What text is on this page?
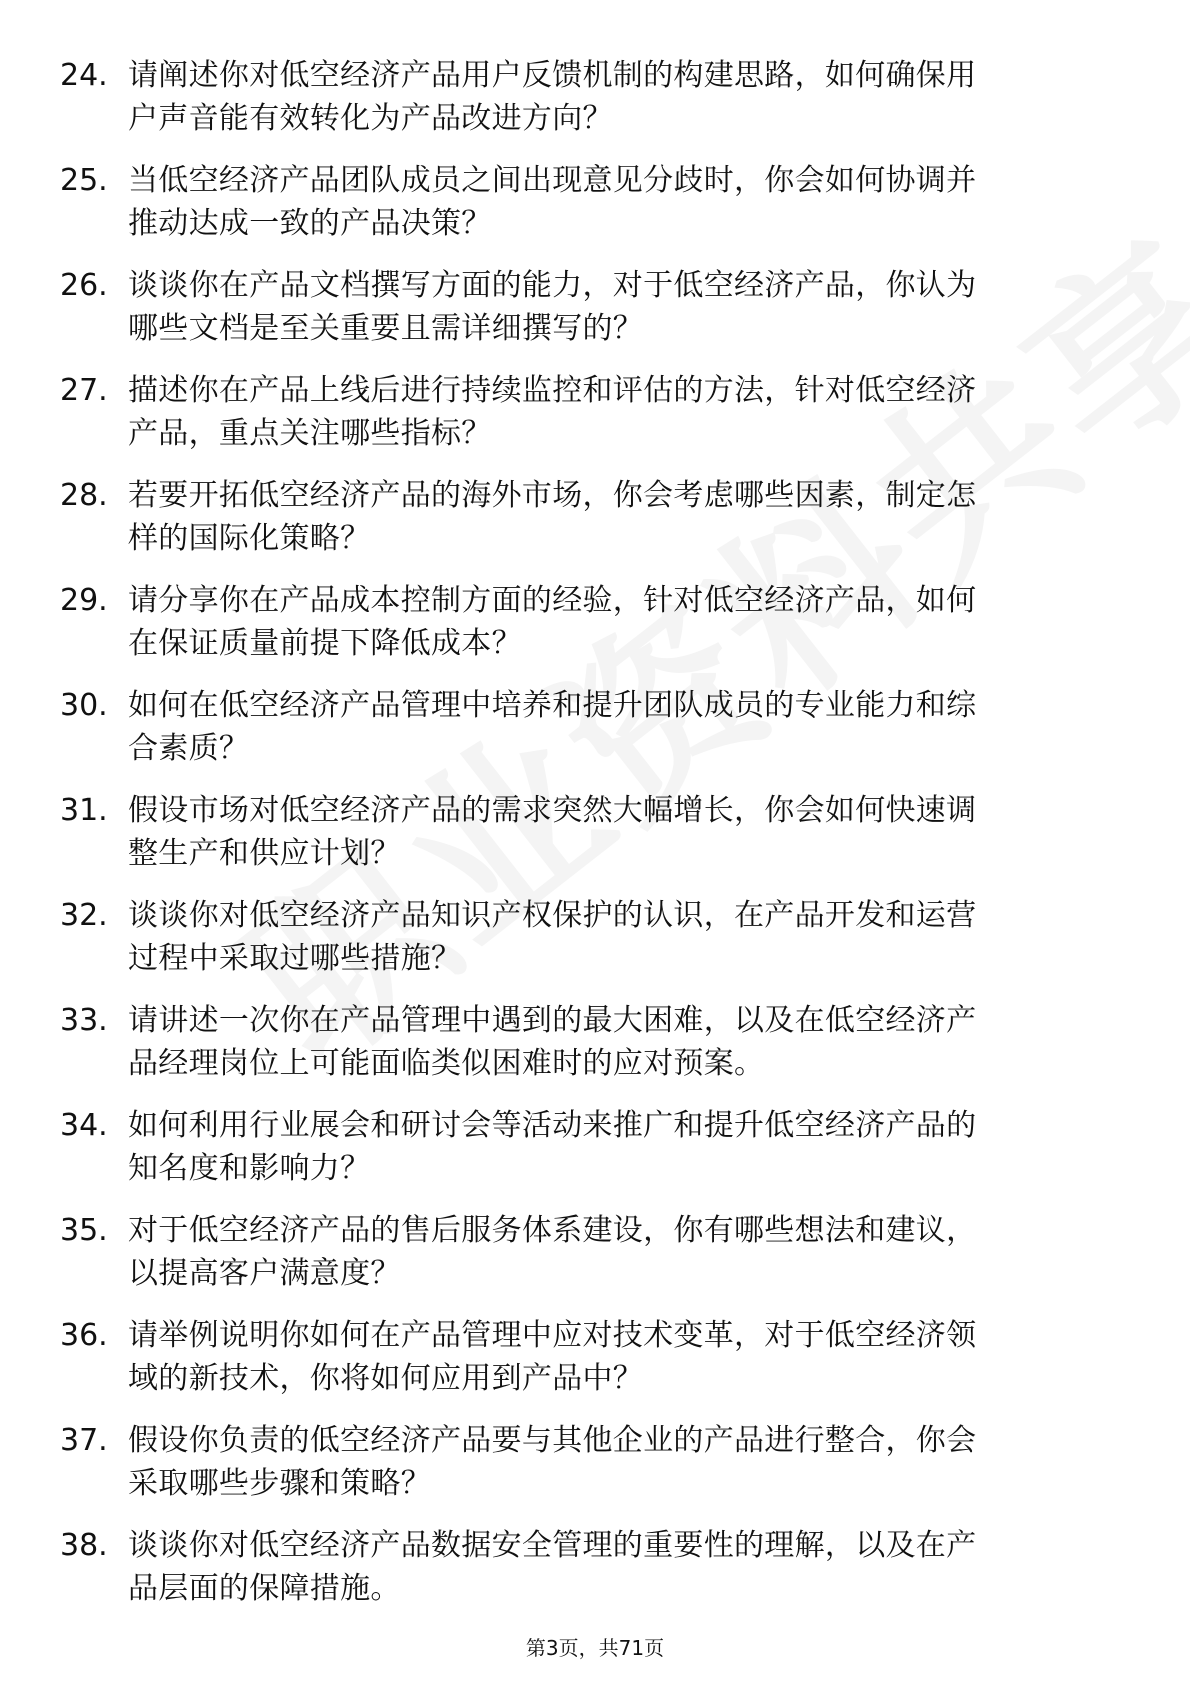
24. 请阐述你对低空经济产品用户反馈机制的构建思路，如何确保用
户声音能有效转化为产品改进方向？
25. 当低空经济产品团队成员之间出现意见分歧时，你会如何协调并
推动达成一致的产品决策？
26. 谈谈你在产品文档撰写方面的能力，对于低空经济产品，你认为
哪些文档是至关重要且需详细撰写的？
27. 描述你在产品上线后进行持续监控和评估的方法，针对低空经济
产品，重点关注哪些指标？
28. 若要开拓低空经济产品的海外市场，你会考虑哪些因素，制定怎
样的国际化策略？
29. 请分享你在产品成本控制方面的经验，针对低空经济产品，如何
在保证质量前提下降低成本？
30. 如何在低空经济产品管理中培养和提升团队成员的专业能力和综
合素质？
31. 假设市场对低空经济产品的需求突然大幅增长，你会如何快速调
整生产和供应计划？
32. 谈谈你对低空经济产品知识产权保护的认识，在产品开发和运营
过程中采取过哪些措施？
33. 请讲述一次你在产品管理中遇到的最大困难，以及在低空经济产
品经理岗位上可能面临类似困难时的应对预案。
34. 如何利用行业展会和研讨会等活动来推广和提升低空经济产品的
知名度和影响力？
35. 对于低空经济产品的售后服务体系建设，你有哪些想法和建议，
以提高客户满意度？
36. 请举例说明你如何在产品管理中应对技术变革，对于低空经济领
域的新技术，你将如何应用到产品中？
37. 假设你负责的低空经济产品要与其他企业的产品进行整合，你会
采取哪些步骤和策略？
38. 谈谈你对低空经济产品数据安全管理的重要性的理解，以及在产
品层面的保障措施。
第3页，共71页
